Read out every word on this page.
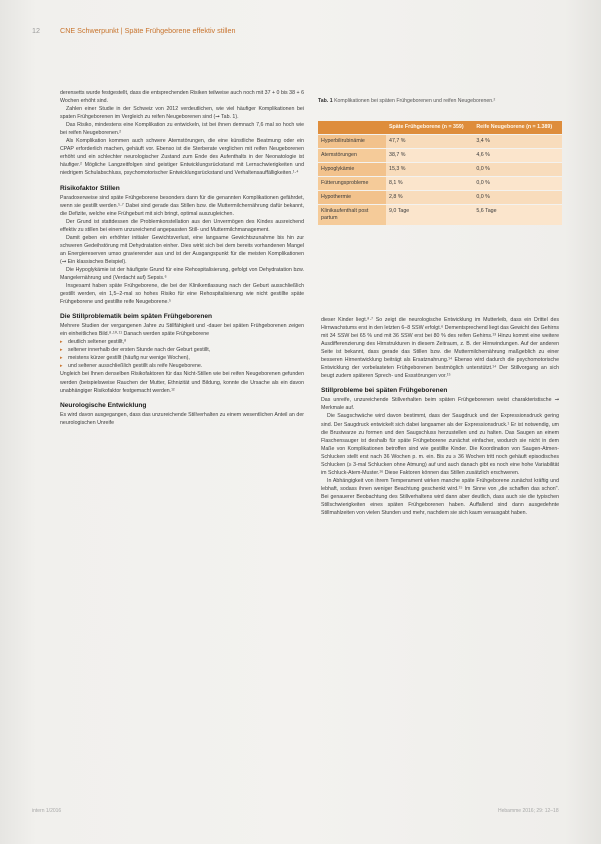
12	CNE Schwerpunkt | Späte Frühgeborene effektiv stillen

derensetts wurde festgestellt, dass die entsprechenden Risiken teilweise auch noch mit 37 + 0 bis 38 + 6 Wochen erhöht sind.

Zahlen einer Studie in der Schweiz von 2012 verdeutlichen, wie viel häufiger Komplikationen bei spaten Frühgeborenen im Vergleich zu reifen Neugeborenen sind (➞ Tab. 1).

Das Risiko, mindestens eine Komplikation zu entwickeln, ist bei ihnen demnach 7,6 mal so hoch wie bei reifen Neugeborenen.²

Als Komplikation kommen auch schwere Atemstörungen, die eine künstliche Beatmung oder ein CPAP erforderlich machen, gehäuft vor. Ebenso ist die Sterberate verglichen mit reifen Neugeborenen erhöht und ein schlechter neurologischer Zustand zum Ende des Aufenthalts in der Neonatologie ist häufiger.² Mögliche Langzeitfolgen sind geistiger Entwicklungsrückstand mit Lernschwierigkeiten und niedrigem Schulabschluss, psychomotorischer Entwicklungsrückstand und Verhaltensauffälligkeiten.¹·⁴

Risikofaktor Stillen

Paradoxerweise sind späte Frühgeborene besonders dann für die genannten Komplikationen gefährdet, wenn sie gestillt werden.⁵·⁷ Dabei sind gerade das Stillen bzw. die Muttermilchernährung dafür bekannt, die Defizite, welche eine Frühgeburt mit sich bringt, optimal auszugleichen.

Der Grund ist stattdessen die Problemkonstellation aus den Unvermögen des Kindes ausreichend effektiv zu stillen bei einem unzureichend angepassten Still- und Muttermilchmanagement.

Damit geben ein erhöhter initialer Gewichtsverlust, eine langsame Gewichtszunahme bis hin zur schweren Gedeihstörung mit Dehydratation einher. Dies wirkt sich bei dem bereits vorhandenen Mangel an Energiereserven umso gravierender aus und ist der Ausgangspunkt für die meisten Komplikationen (➞ Ein klassisches Beispiel).

Die Hypoglykämie ist der häufigste Grund für eine Rehospitalisierung, gefolgt von Dehydratation bzw. Mangelernährung und (Verdacht auf) Sepsis.⁶

Insgesamt haben späte Frühgeborene, die bei der Klinikentlassung nach der Geburt ausschließlich gestillt werden, ein 1,5–2-mal so hohes Risiko für eine Rehospitalisierung wie nicht gestillte späte Frühgeborene und gestillte reife Neugeborene.⁵

Die Stillproblematik beim späten Frühgeborenen

Mehrere Studien der vergangenen Jahre zu Stillfähigkeit und -dauer bei späten Frühgeborenen zeigen ein einheitliches Bild.⁸·¹⁰·¹¹ Danach werden späte Frühgeborene

▸ deutlich seltener gestillt,⁸
▸ seltener innerhalb der ersten Stunde nach der Geburt gestillt,
▸ meistens kürzer gestillt (häufig nur wenige Wochen),
▸ und seltener ausschließlich gestillt als reife Neugeborene.

Ungleich bei Ihnen denselben Risikofaktoren für das Nicht-Stillen wie bei reifen Neugeborenen gefunden werden (beispielsweise Rauchen der Mutter, Ethnizität und Bildung, konnte die Ursache als ein davon unabhängiger Risikofaktor festgemacht werden.¹²

Neurologische Entwicklung

Es wird davon ausgegangen, dass das unzureichende Stillverhalten zu einem wesentlichen Anteil an der neurologischen Unreife

Tab. 1 Komplikationen bei späten Frühgeborenen und reifen Neugeborenen.²
	Späte Frühgeborene (n = 359)	Reife Neugeborene (n = 1.389)
Hyperbilirubinämie	47,7 %	3,4 %
Atemstörungen	38,7 %	4,6 %
Hypoglykämie	15,3 %	0,0 %
Fütterungsprobleme	8,1 %	0,0 %
Hypothermie	2,8 %	0,0 %
Klinikaufenthalt post partum	9,0 Tage	5,6 Tage

dieser Kinder liegt.⁸·⁷ So zeigt die neurologische Entwicklung im Mutterleib, dass ein Drittel des Hirnwachstums erst in den letzten 6–8 SSW erfolgt.⁶ Dementsprechend liegt das Gewicht des Gehirns mit 34 SSW bei 65 % und mit 36 SSW erst bei 80 % des reifen Gehirns.¹³ Hinzu kommt eine weitere Ausdifferenzierung des Hirnstrukturen in diesem Zeitraum, z. B. der Hirnwindungen. Auf der anderen Seite ist bekannt, dass gerade das Stillen bzw. die Muttermilchernährung maßgeblich zu einer besseren Hirnentwicklung beiträgt als Ersatznahrung.¹⁴ Ebenso wird dadurch die psychomotorische Entwicklung der vorbelasteten Frühgeborenen bestmöglich unterstützt.¹⁴ Der Stillvorgang an sich beugt zudem späteren Sprech- und Essstörungen vor.¹⁵

Stillprobleme bei späten Frühgeborenen

Das unreife, unzureichende Stillverhalten beim späten Frühgeborenen weist charakteristische ➞ Merkmale auf.

Die Saugschwäche wird davon bestimmt, dass der Saugdruck und der Expressionsdruck gering sind. Der Saugdruck entwickelt sich dabei langsamer als der Expressionsdruck.¹ Er ist notwendig, um die Brustwarze zu formen und den Saugschluss herzustellen und zu halten. Das Saugen an einem Flaschensauger ist deshalb für späte Frühgeborene zunächst einfacher, wodurch sie nicht in dem Maße von Komplikationen betroffen sind wie gestillte Kinder. Die Koordination von Saugen-Atmen-Schlucken stellt erst nach 36 Wochen p. m. ein. Bis zu ≥ 36 Wochen tritt noch gehäuft episodisches Schlucken (≥ 3-mal Schlucken ohne Atmung) auf und auch danach gibt es noch eine hohe Variabilität im Schluck-Atem-Muster.¹⁶ Diese Faktoren können das Stillen zusätzlich erschweren.

In Abhängigkeit von ihrem Temperament wirken manche späte Frühgeborene zunächst kräftig und lebhaft, sodass ihnen weniger Beachtung geschenkt wird.¹⁵ Im Sinne von „die schaffen das schon". Bei genauerer Beobachtung des Stillverhaltens wird dann aber deutlich, dass auch sie die typischen Stillschwierigkeiten eines späten Frühgeborenen haben. Auffallend sind dann ausgedehnte Stillmahlzeiten von vielen Stunden und mehr, nachdem sie sich kaum verausgabt haben.

intern 1/2016	Hebamme 2016; 29: 12–18
